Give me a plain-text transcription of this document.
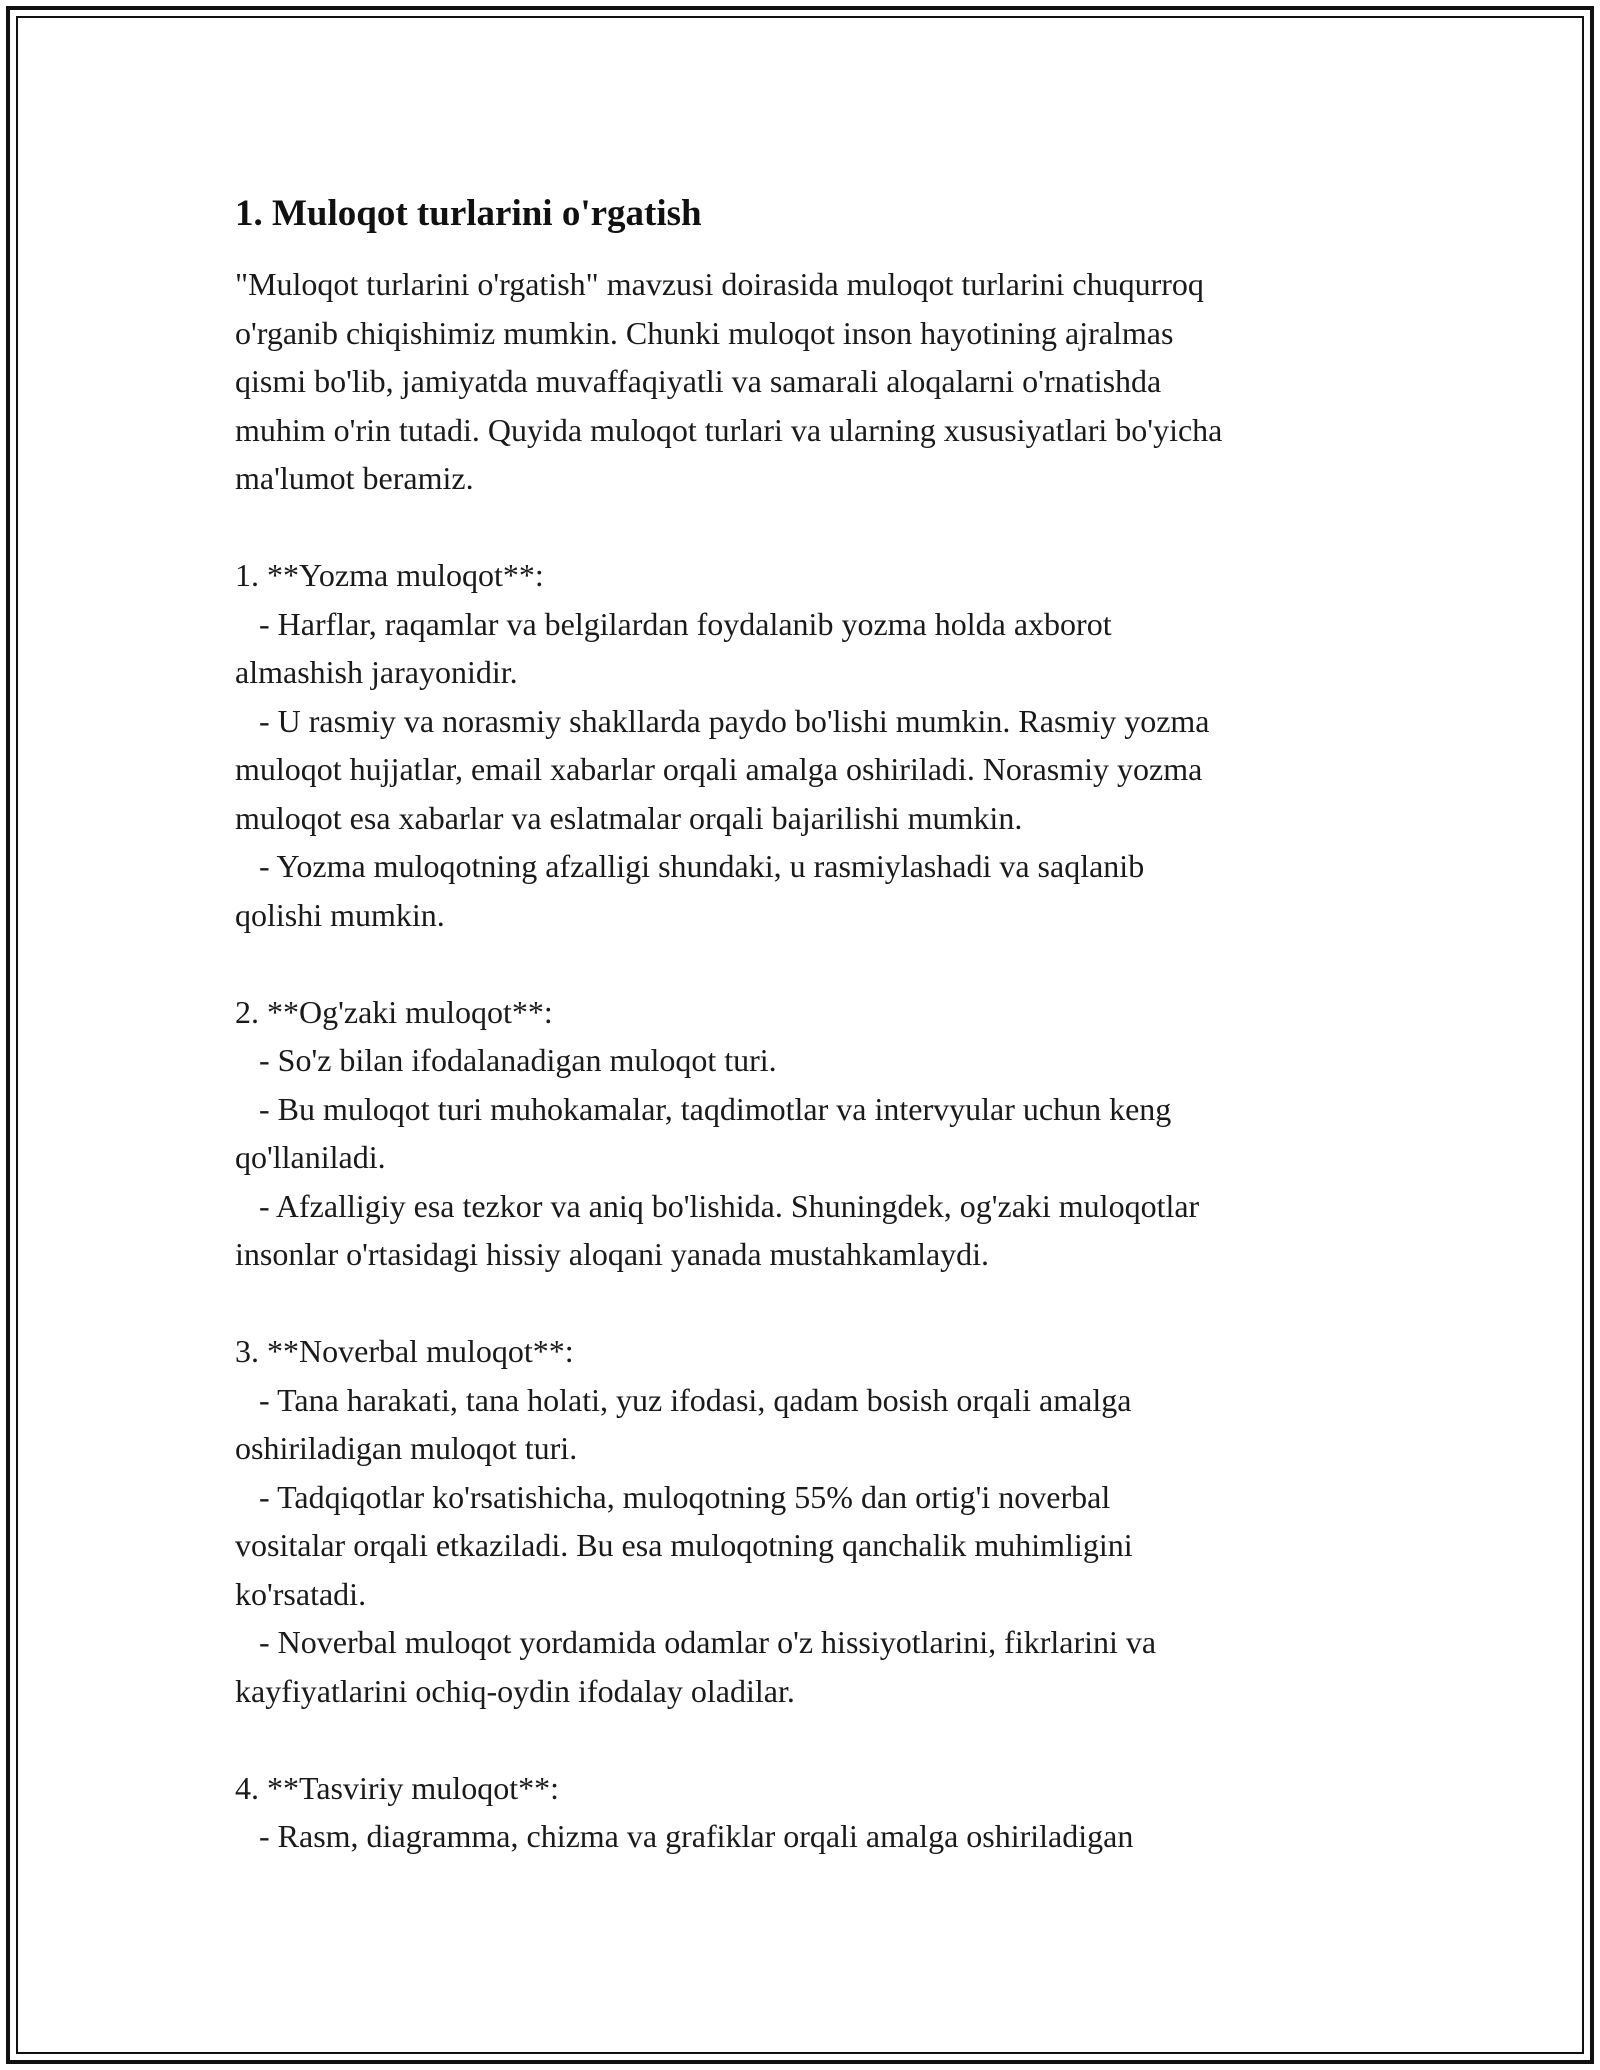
1. Muloqot turlarini o'rgatish

"Muloqot turlarini o'rgatish" mavzusi doirasida muloqot turlarini chuqurroq

o'rganib chiqishimiz mumkin. Chunki muloqot inson hayotining ajralmas

qismi bo'lib, jamiyatda muvaffaqiyatli va samarali aloqalarni o'rnatishda

muhim o'rin tutadi. Quyida muloqot turlari va ularning xususiyatlari bo'yicha

ma'lumot beramiz.

1. **Yozma muloqot**:

- Harflar, raqamlar va belgilardan foydalanib yozma holda axborot

almashish jarayonidir.

- U rasmiy va norasmiy shakllarda paydo bo'lishi mumkin. Rasmiy yozma

muloqot hujjatlar, email xabarlar orqali amalga oshiriladi. Norasmiy yozma

muloqot esa xabarlar va eslatmalar orqali bajarilishi mumkin.

- Yozma muloqotning afzalligi shundaki, u rasmiylashadi va saqlanib

qolishi mumkin.

2. **Og'zaki muloqot**:

- So'z bilan ifodalanadigan muloqot turi.

- Bu muloqot turi muhokamalar, taqdimotlar va intervyular uchun keng

qo'llaniladi.

- Afzalligiy esa tezkor va aniq bo'lishida. Shuningdek, og'zaki muloqotlar

insonlar o'rtasidagi hissiy aloqani yanada mustahkamlaydi.

3. **Noverbal muloqot**:

- Tana harakati, tana holati, yuz ifodasi, qadam bosish orqali amalga

oshiriladigan muloqot turi.

- Tadqiqotlar ko'rsatishicha, muloqotning 55% dan ortig'i noverbal

vositalar orqali etkaziladi. Bu esa muloqotning qanchalik muhimligini

ko'rsatadi.

- Noverbal muloqot yordamida odamlar o'z hissiyotlarini, fikrlarini va

kayfiyatlarini ochiq-oydin ifodalay oladilar.

4. **Tasviriy muloqot**:

- Rasm, diagramma, chizma va grafiklar orqali amalga oshiriladigan
